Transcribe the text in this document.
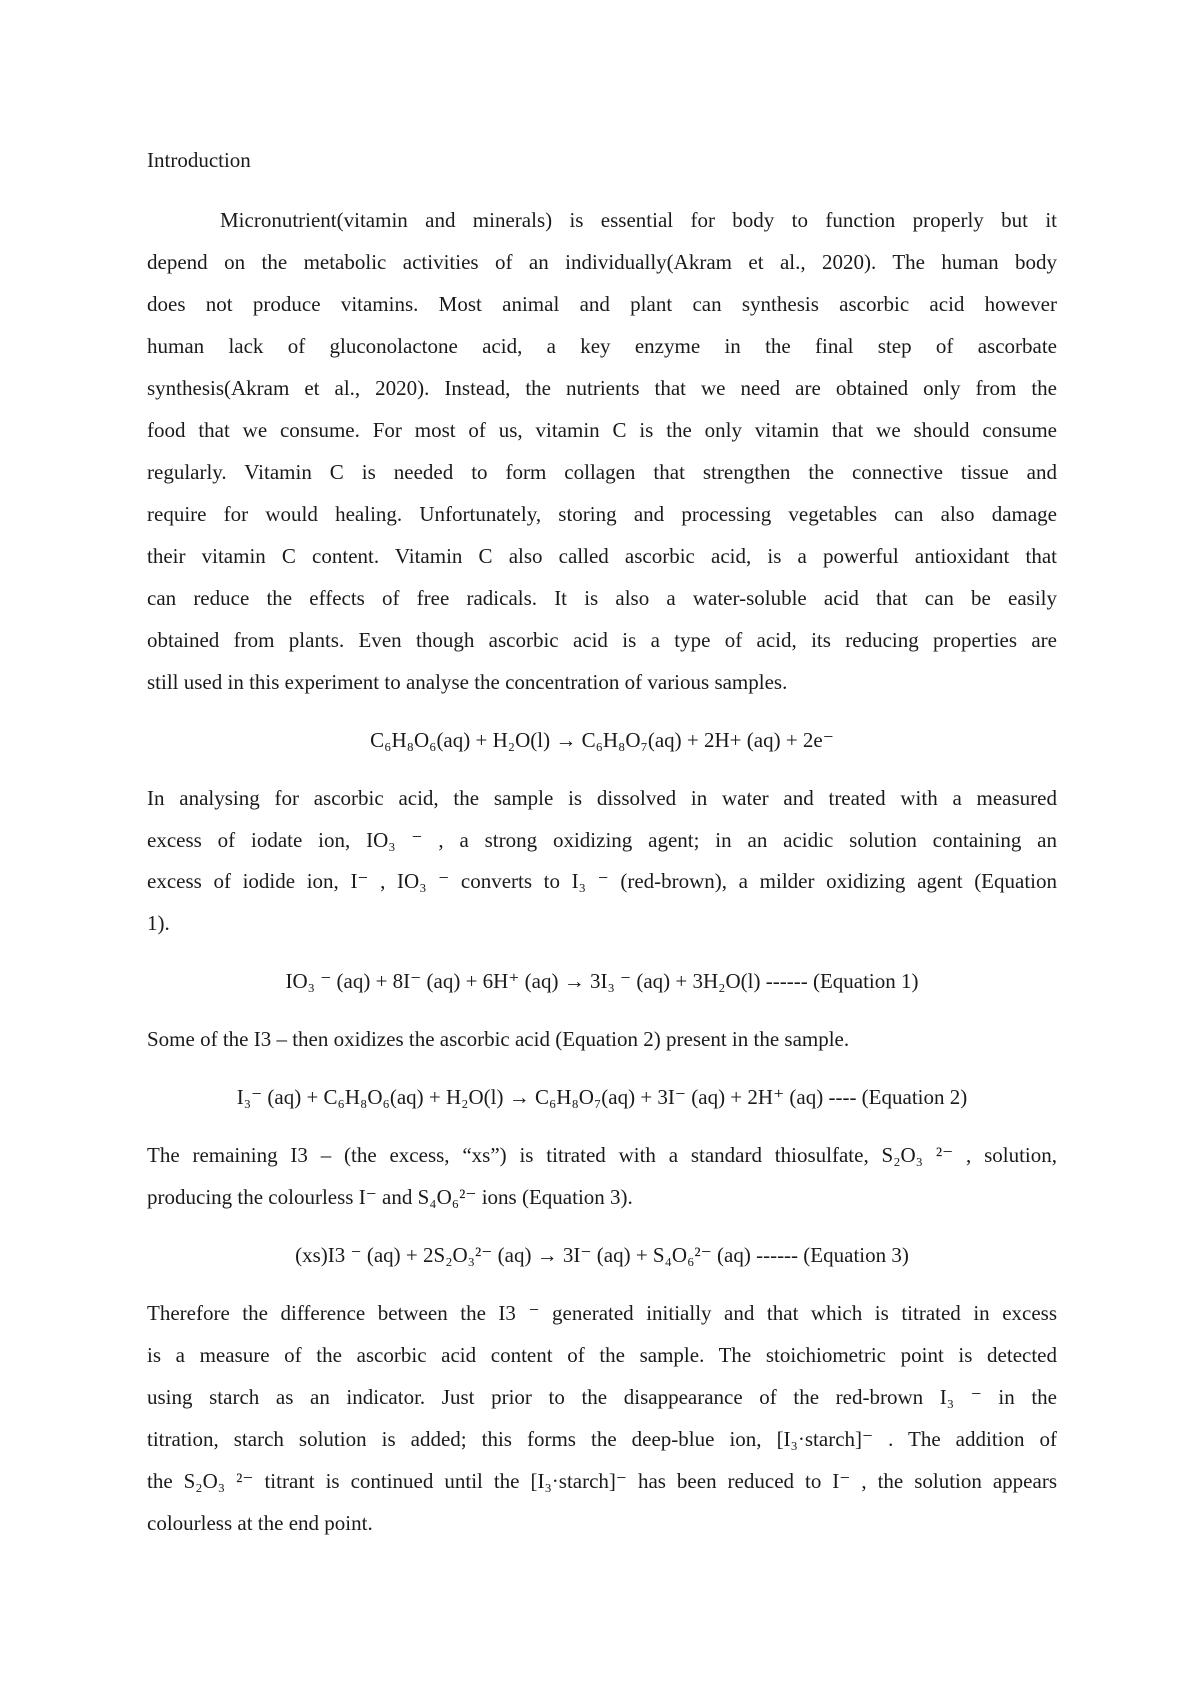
Introduction
Micronutrient(vitamin and minerals) is essential for body to function properly but it
depend on the metabolic activities of an individually(Akram et al., 2020). The human body
does not produce vitamins. Most animal and plant can synthesis ascorbic acid however
human lack of gluconolactone acid, a key enzyme in the final step of ascorbate
synthesis(Akram et al., 2020). Instead, the nutrients that we need are obtained only from the
food that we consume. For most of us, vitamin C is the only vitamin that we should consume
regularly. Vitamin C is needed to form collagen that strengthen the connective tissue and
require for would healing. Unfortunately, storing and processing vegetables can also damage
their vitamin C content. Vitamin C also called ascorbic acid, is a powerful antioxidant that
can reduce the effects of free radicals. It is also a water-soluble acid that can be easily
obtained from plants. Even though ascorbic acid is a type of acid, its reducing properties are
still used in this experiment to analyse the concentration of various samples.
C₆H₈O₆(aq) + H₂O(l) → C₆H₈O₇(aq) + 2H+ (aq) + 2e⁻
In analysing for ascorbic acid, the sample is dissolved in water and treated with a measured
excess of iodate ion, IO₃ ⁻ , a strong oxidizing agent; in an acidic solution containing an
excess of iodide ion, I⁻ , IO₃ ⁻ converts to I₃ ⁻ (red-brown), a milder oxidizing agent (Equation
1).
IO₃ ⁻ (aq) + 8I⁻ (aq) + 6H⁺ (aq) → 3I₃ ⁻ (aq) + 3H₂O(l) ------ (Equation 1)
Some of the I3 – then oxidizes the ascorbic acid (Equation 2) present in the sample.
I₃⁻ (aq) + C₆H₈O₆(aq) + H₂O(l) → C₆H₈O₇(aq) + 3I⁻ (aq) + 2H⁺ (aq) ---- (Equation 2)
The remaining I3 – (the excess, “xs”) is titrated with a standard thiosulfate, S₂O₃ ²⁻ , solution,
producing the colourless I⁻ and S₄O₆²⁻ ions (Equation 3).
(xs)I3 ⁻ (aq) + 2S₂O₃²⁻ (aq) → 3I⁻ (aq) + S₄O₆²⁻ (aq) ------ (Equation 3)
Therefore the difference between the I3 ⁻ generated initially and that which is titrated in excess
is a measure of the ascorbic acid content of the sample. The stoichiometric point is detected
using starch as an indicator. Just prior to the disappearance of the red-brown I₃ ⁻ in the
titration, starch solution is added; this forms the deep-blue ion, [I₃·starch]⁻ . The addition of
the S₂O₃ ²⁻ titrant is continued until the [I₃·starch]⁻ has been reduced to I⁻ , the solution appears
colourless at the end point.
